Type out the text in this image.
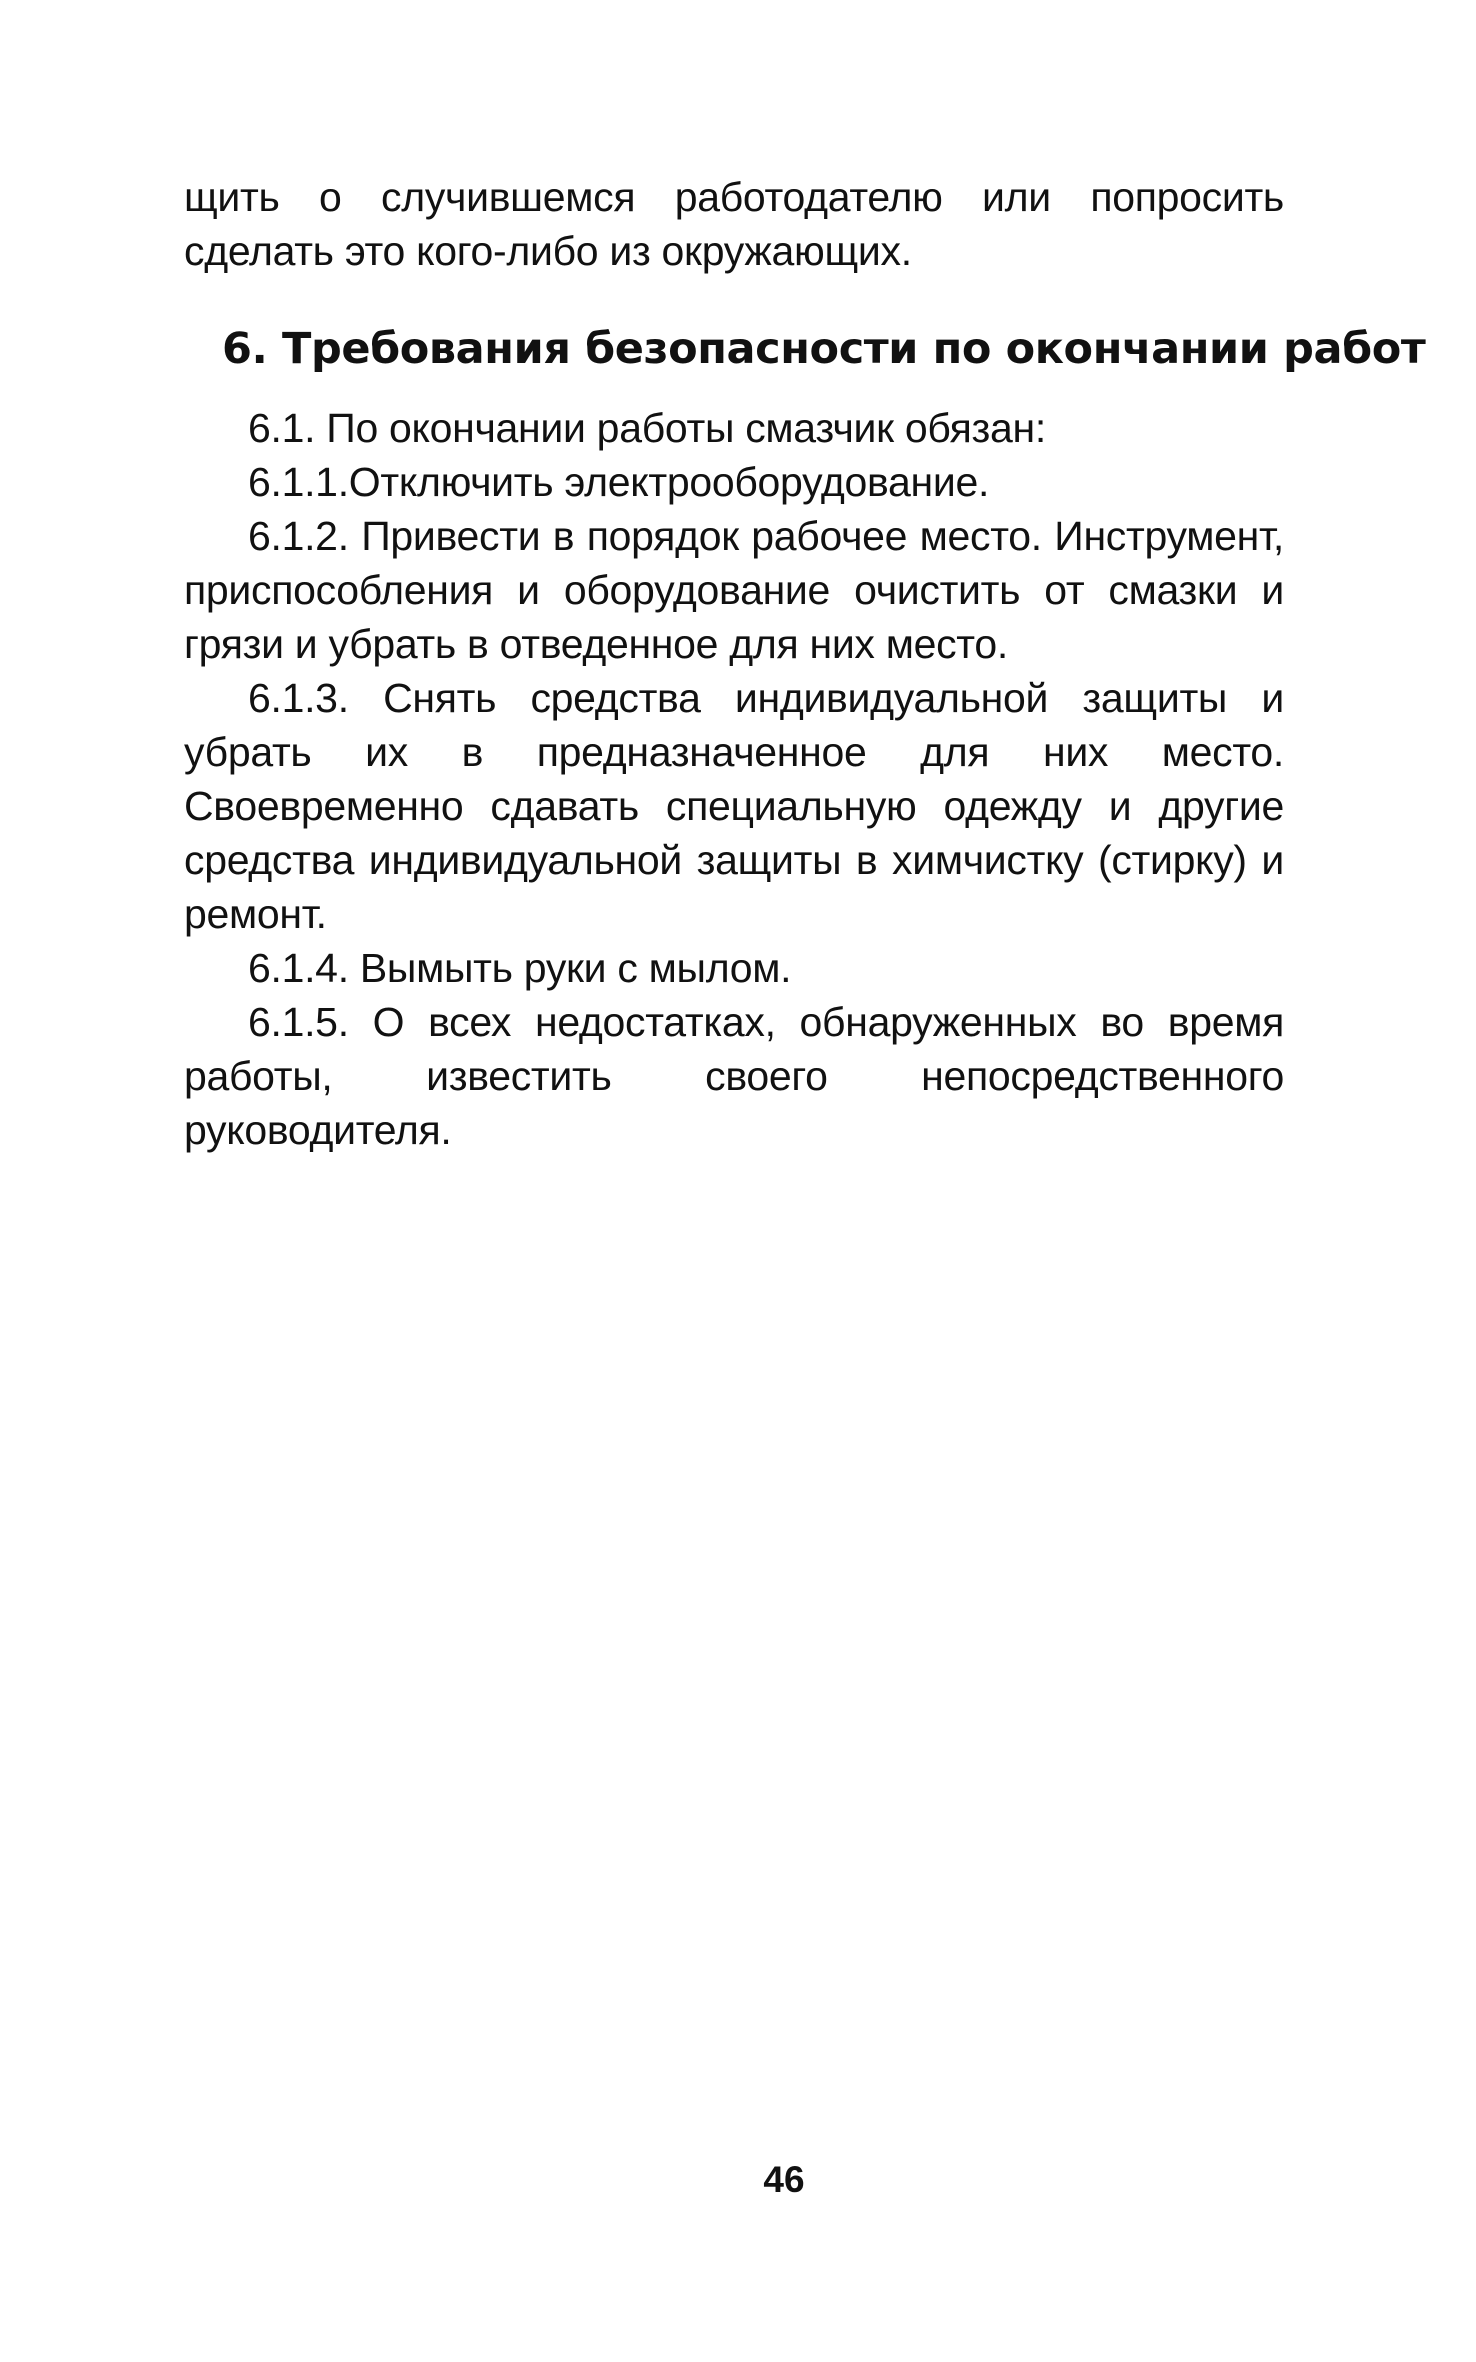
щить о случившемся работодателю или попросить сделать это кого-либо из окружающих.

6. Требования безопасности по окончании работ

6.1. По окончании работы смазчик обязан:

6.1.1.Отключить электрооборудование.

6.1.2. Привести в порядок рабочее место. Инструмент, приспособления и оборудование очистить от смазки и грязи и убрать в отведенное для них место.

6.1.3. Снять средства индивидуальной защиты и убрать их в предназначенное для них место. Своевременно сдавать специальную одежду и другие средства индивидуальной защиты в химчистку (стирку) и ремонт.

6.1.4. Вымыть руки с мылом.

6.1.5. О всех недостатках, обнаруженных во время работы, известить своего непосредственного руководителя.

46
